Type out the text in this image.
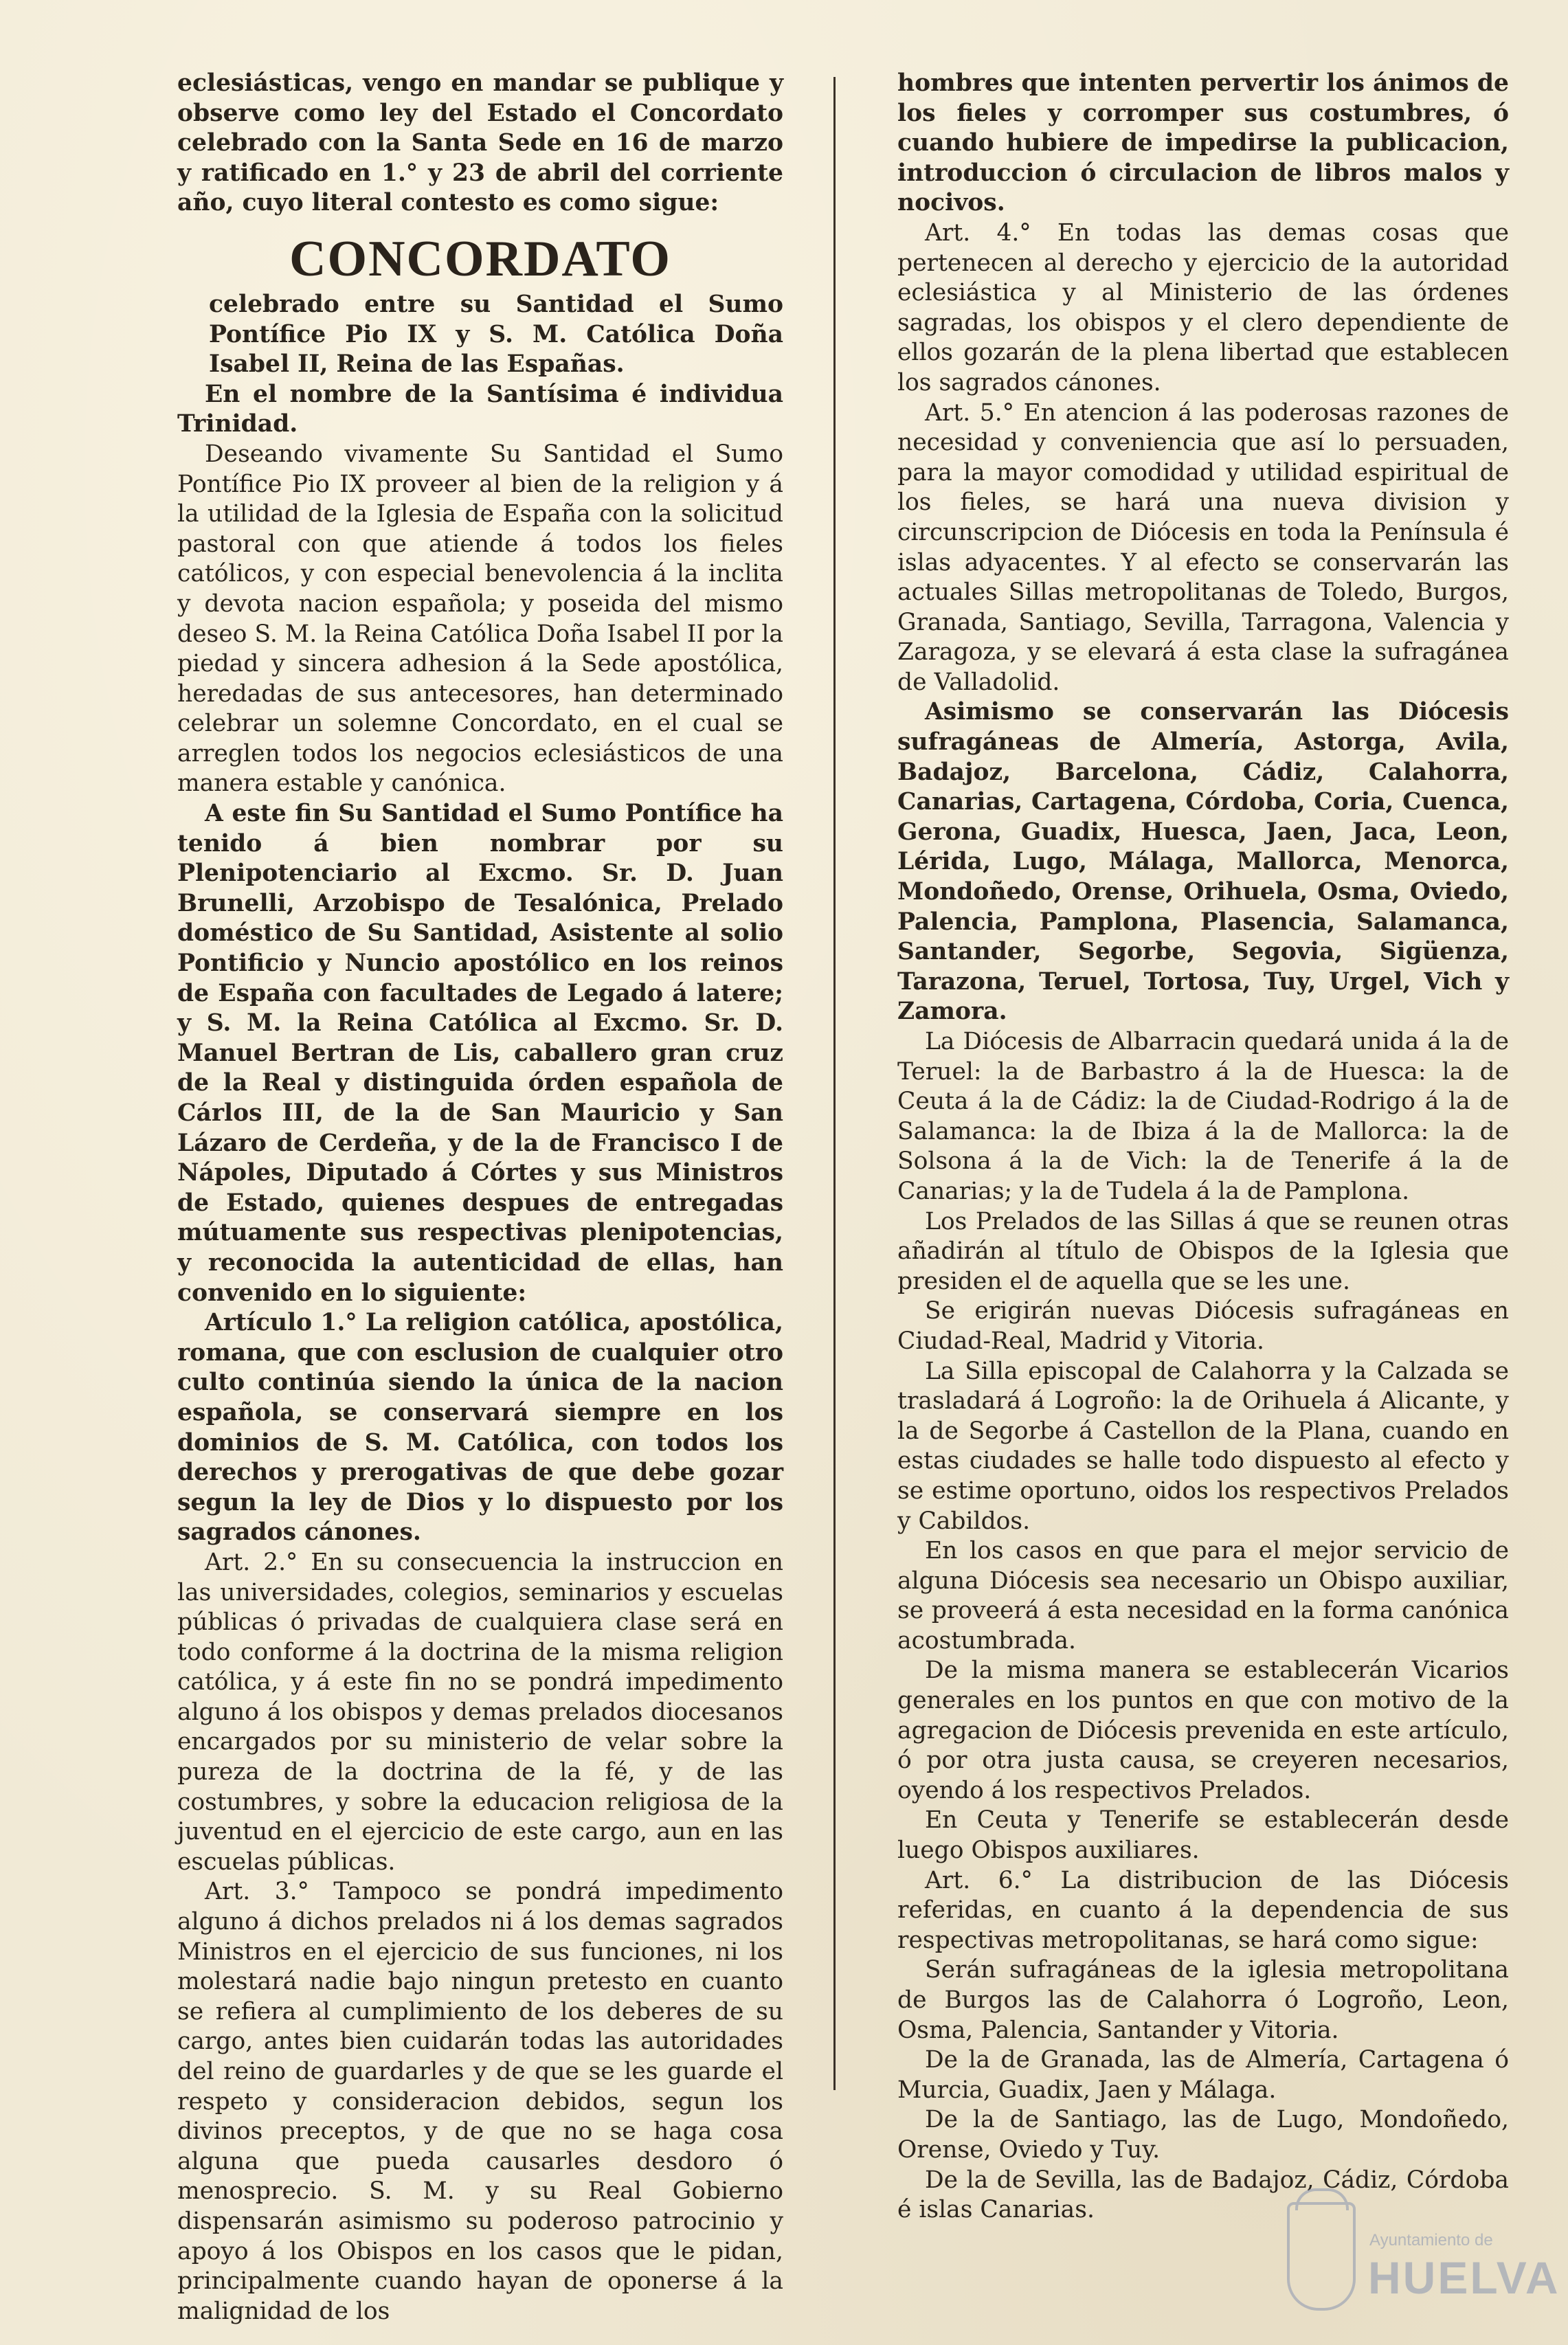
eclesiásticas, vengo en mandar se publique y observe como ley del Estado el Concordato celebrado con la Santa Sede en 16 de marzo y ratificado en 1.° y 23 de abril del corriente año, cuyo literal contesto es como sigue:

CONCORDATO

celebrado entre su Santidad el Sumo Pontífice Pio IX y S. M. Católica Doña Isabel II, Reina de las Españas.

En el nombre de la Santísima é individua Trinidad.

Deseando vivamente Su Santidad el Sumo Pontífice Pio IX proveer al bien de la religion y á la utilidad de la Iglesia de España con la solicitud pastoral con que atiende á todos los fieles católicos, y con especial benevolencia á la inclita y devota nacion española; y poseida del mismo deseo S. M. la Reina Católica Doña Isabel II por la piedad y sincera adhesion á la Sede apostólica, heredadas de sus antecesores, han determinado celebrar un solemne Concordato, en el cual se arreglen todos los negocios eclesiásticos de una manera estable y canónica.

A este fin Su Santidad el Sumo Pontífice ha tenido á bien nombrar por su Plenipotenciario al Excmo. Sr. D. Juan Brunelli, Arzobispo de Tesalónica, Prelado doméstico de Su Santidad, Asistente al solio Pontificio y Nuncio apostólico en los reinos de España con facultades de Legado á latere; y S. M. la Reina Católica al Excmo. Sr. D. Manuel Bertran de Lis, caballero gran cruz de la Real y distinguida órden española de Cárlos III, de la de San Mauricio y San Lázaro de Cerdeña, y de la de Francisco I de Nápoles, Diputado á Córtes y sus Ministros de Estado, quienes despues de entregadas mútuamente sus respectivas plenipotencias, y reconocida la autenticidad de ellas, han convenido en lo siguiente:

Artículo 1.° La religion católica, apostólica, romana, que con esclusion de cualquier otro culto continúa siendo la única de la nacion española, se conservará siempre en los dominios de S. M. Católica, con todos los derechos y prerogativas de que debe gozar segun la ley de Dios y lo dispuesto por los sagrados cánones.

Art. 2.° En su consecuencia la instruccion en las universidades, colegios, seminarios y escuelas públicas ó privadas de cualquiera clase será en todo conforme á la doctrina de la misma religion católica, y á este fin no se pondrá impedimento alguno á los obispos y demas prelados diocesanos encargados por su ministerio de velar sobre la pureza de la doctrina de la fé, y de las costumbres, y sobre la educacion religiosa de la juventud en el ejercicio de este cargo, aun en las escuelas públicas.

Art. 3.° Tampoco se pondrá impedimento alguno á dichos prelados ni á los demas sagrados Ministros en el ejercicio de sus funciones, ni los molestará nadie bajo ningun pretesto en cuanto se refiera al cumplimiento de los deberes de su cargo, antes bien cuidarán todas las autoridades del reino de guardarles y de que se les guarde el respeto y consideracion debidos, segun los divinos preceptos, y de que no se haga cosa alguna que pueda causarles desdoro ó menosprecio. S. M. y su Real Gobierno dispensarán asimismo su poderoso patrocinio y apoyo á los Obispos en los casos que le pidan, principalmente cuando hayan de oponerse á la malignidad de los

hombres que intenten pervertir los ánimos de los fieles y corromper sus costumbres, ó cuando hubiere de impedirse la publicacion, introduccion ó circulacion de libros malos y nocivos.

Art. 4.° En todas las demas cosas que pertenecen al derecho y ejercicio de la autoridad eclesiástica y al Ministerio de las órdenes sagradas, los obispos y el clero dependiente de ellos gozarán de la plena libertad que establecen los sagrados cánones.

Art. 5.° En atencion á las poderosas razones de necesidad y conveniencia que así lo persuaden, para la mayor comodidad y utilidad espiritual de los fieles, se hará una nueva division y circunscripcion de Diócesis en toda la Península é islas adyacentes. Y al efecto se conservarán las actuales Sillas metropolitanas de Toledo, Burgos, Granada, Santiago, Sevilla, Tarragona, Valencia y Zaragoza, y se elevará á esta clase la sufragánea de Valladolid.

Asimismo se conservarán las Diócesis sufragáneas de Almería, Astorga, Avila, Badajoz, Barcelona, Cádiz, Calahorra, Canarias, Cartagena, Córdoba, Coria, Cuenca, Gerona, Guadix, Huesca, Jaen, Jaca, Leon, Lérida, Lugo, Málaga, Mallorca, Menorca, Mondoñedo, Orense, Orihuela, Osma, Oviedo, Palencia, Pamplona, Plasencia, Salamanca, Santander, Segorbe, Segovia, Sigüenza, Tarazona, Teruel, Tortosa, Tuy, Urgel, Vich y Zamora.

La Diócesis de Albarracin quedará unida á la de Teruel: la de Barbastro á la de Huesca: la de Ceuta á la de Cádiz: la de Ciudad-Rodrigo á la de Salamanca: la de Ibiza á la de Mallorca: la de Solsona á la de Vich: la de Tenerife á la de Canarias; y la de Tudela á la de Pamplona.

Los Prelados de las Sillas á que se reunen otras añadirán al título de Obispos de la Iglesia que presiden el de aquella que se les une.

Se erigirán nuevas Diócesis sufragáneas en Ciudad-Real, Madrid y Vitoria.

La Silla episcopal de Calahorra y la Calzada se trasladará á Logroño: la de Orihuela á Alicante, y la de Segorbe á Castellon de la Plana, cuando en estas ciudades se halle todo dispuesto al efecto y se estime oportuno, oidos los respectivos Prelados y Cabildos.

En los casos en que para el mejor servicio de alguna Diócesis sea necesario un Obispo auxiliar, se proveerá á esta necesidad en la forma canónica acostumbrada.

De la misma manera se establecerán Vicarios generales en los puntos en que con motivo de la agregacion de Diócesis prevenida en este artículo, ó por otra justa causa, se creyeren necesarios, oyendo á los respectivos Prelados.

En Ceuta y Tenerife se establecerán desde luego Obispos auxiliares.

Art. 6.° La distribucion de las Diócesis referidas, en cuanto á la dependencia de sus respectivas metropolitanas, se hará como sigue:

Serán sufragáneas de la iglesia metropolitana de Burgos las de Calahorra ó Logroño, Leon, Osma, Palencia, Santander y Vitoria.

De la de Granada, las de Almería, Cartagena ó Murcia, Guadix, Jaen y Málaga.

De la de Santiago, las de Lugo, Mondoñedo, Orense, Oviedo y Tuy.

De la de Sevilla, las de Badajoz, Cádiz, Córdoba é islas Canarias.

Ayuntamiento de
HUELVA
